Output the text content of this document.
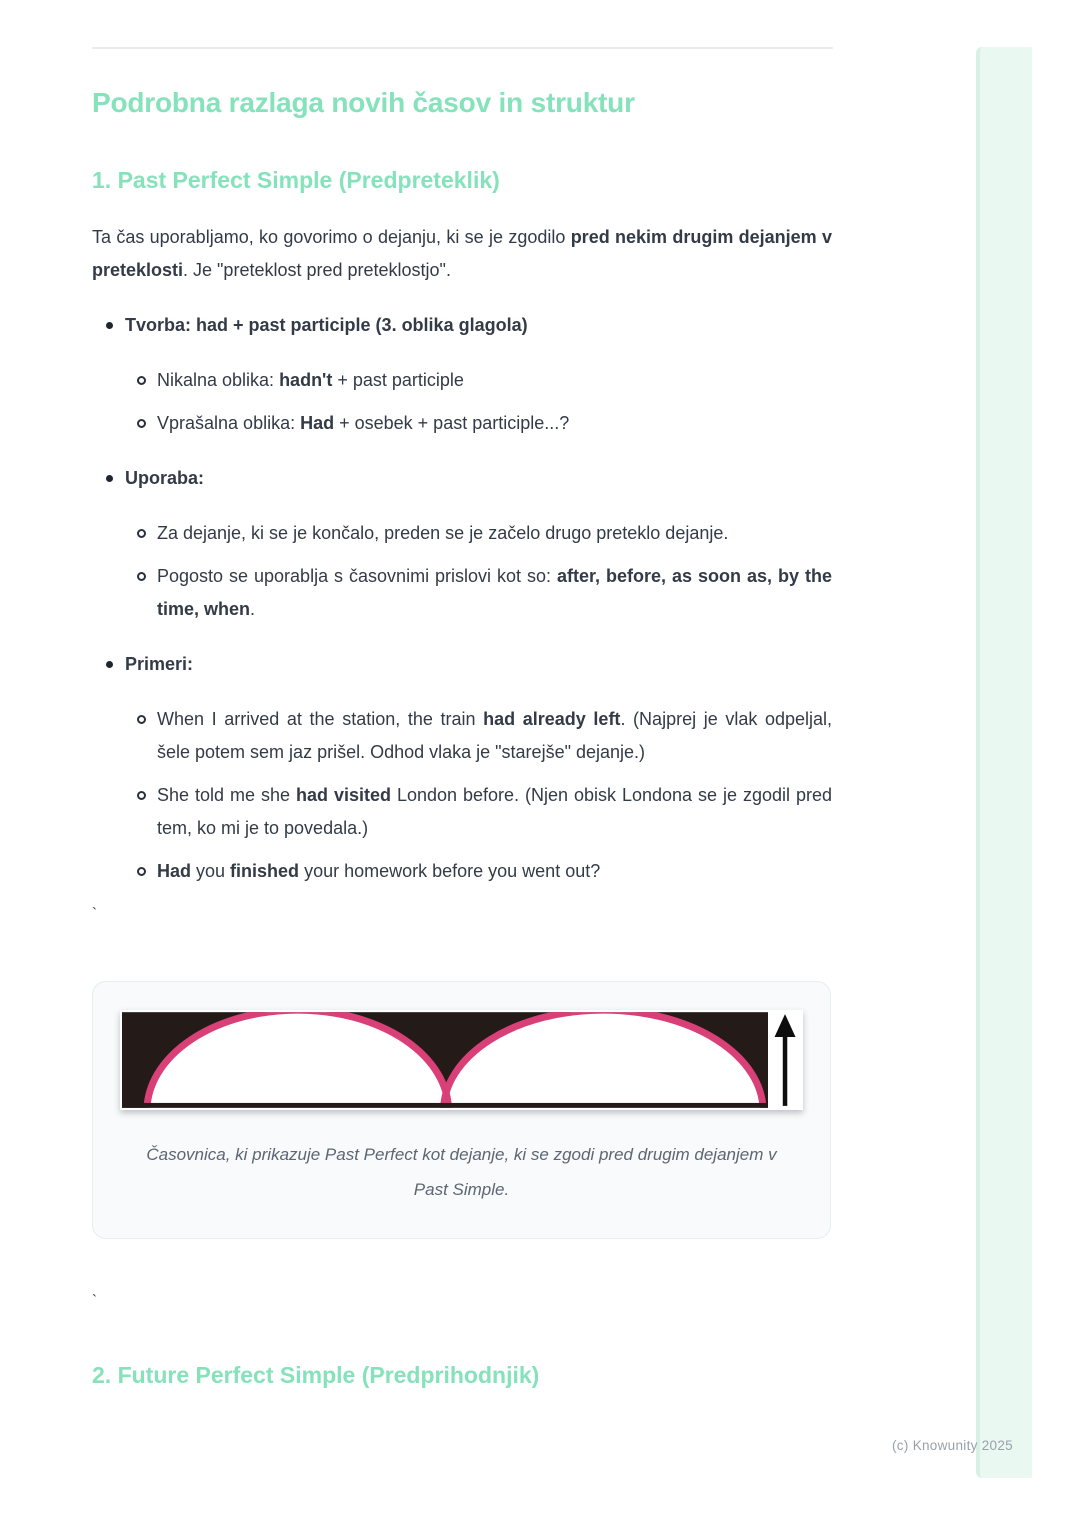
Podrobna razlaga novih časov in struktur
1. Past Perfect Simple (Predpreteklik)

Ta čas uporabljamo, ko govorimo o dejanju, ki se je zgodilo pred nekim drugim dejanjem v preteklosti. Je "preteklost pred preteklostjo".

Tvorba: had + past participle (3. oblika glagola)
Nikalna oblika: hadn't + past participle
Vprašalna oblika: Had + osebek + past participle...?
Uporaba:
Za dejanje, ki se je končalo, preden se je začelo drugo preteklo dejanje.
Pogosto se uporablja s časovnimi prislovi kot so: after, before, as soon as, by the time, when.
Primeri:
When I arrived at the station, the train had already left. (Najprej je vlak odpeljal, šele potem sem jaz prišel. Odhod vlaka je "starejše" dejanje.)
She told me she had visited London before. (Njen obisk Londona se je zgodil pred tem, ko mi je to povedala.)
Had you finished your homework before you went out?
`
Časovnica, ki prikazuje Past Perfect kot dejanje, ki se zgodi pred drugim dejanjem v Past Simple.
`
2. Future Perfect Simple (Predprihodnjik)
(c) Knowunity 2025
